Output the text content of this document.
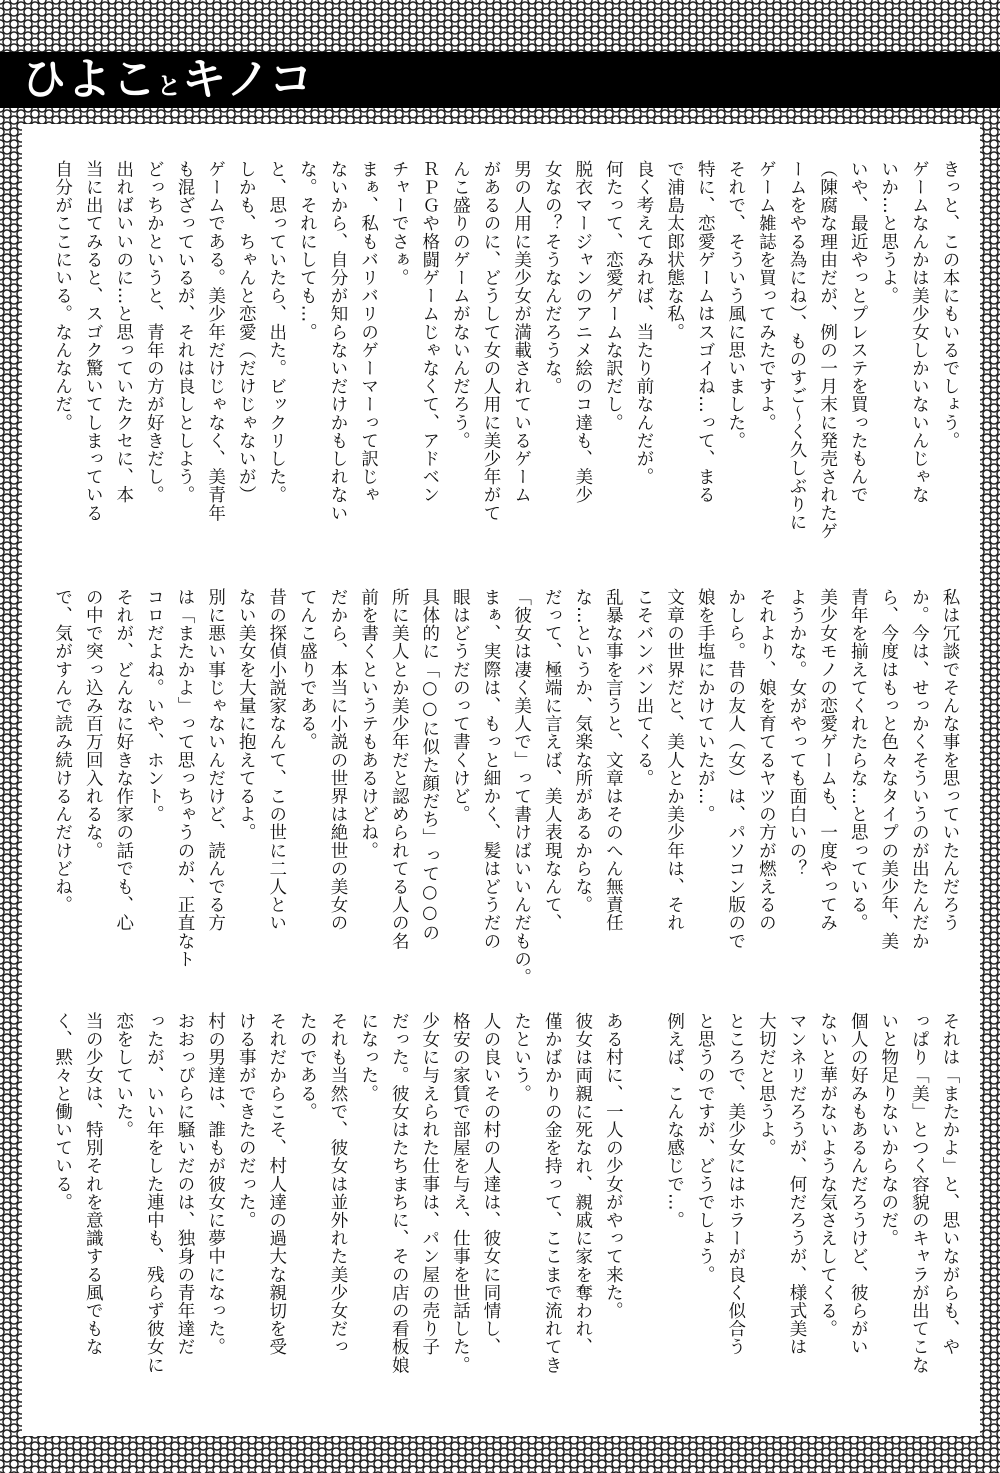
ひよことキノコ
きっと、この本にもいるでしょう。
ゲームなんかは美少女しかいないんじゃな
いか…と思うよ。
いや、最近やっとプレステを買ったもんで
（陳腐な理由だが、例の一月末に発売されたゲ
ームをやる為にね）、ものすご〜く久しぶりに
ゲーム雑誌を買ってみたですよ。
それで、そういう風に思いました。
特に、恋愛ゲームはスゴイね…って、まる
で浦島太郎状態な私。
良く考えてみれば、当たり前なんだが。
何たって、恋愛ゲームな訳だし。
脱衣マージャンのアニメ絵のコ達も、美少
女なの？そうなんだろうな。
男の人用に美少女が満載されているゲーム
があるのに、どうして女の人用に美少年がて
んこ盛りのゲームがないんだろう。
ＲＰＧや格闘ゲームじゃなくて、アドベン
チャーでさぁ。
まぁ、私もバリバリのゲーマーって訳じゃ
ないから、自分が知らないだけかもしれない
な。それにしても…。
と、思っていたら、出た。ビックリした。
しかも、ちゃんと恋愛（だけじゃないが）
ゲームである。美少年だけじゃなく、美青年
も混ざっているが、それは良しとしよう。
どっちかというと、青年の方が好きだし。
出ればいいのに…と思っていたクセに、本
当に出てみると、スゴク驚いてしまっている
自分がここにいる。なんなんだ。
私は冗談でそんな事を思っていたんだろう
か。今は、せっかくそういうのが出たんだか
ら、今度はもっと色々なタイプの美少年、美
青年を揃えてくれたらな…と思っている。
美少女モノの恋愛ゲームも、一度やってみ
ようかな。女がやっても面白いの？
それより、娘を育てるヤツの方が燃えるの
かしら。昔の友人（女）は、パソコン版ので
娘を手塩にかけていたが…。
文章の世界だと、美人とか美少年は、それ
こそバンバン出てくる。
乱暴な事を言うと、文章はそのへん無責任
な…というか、気楽な所があるからな。
だって、極端に言えば、美人表現なんて、
「彼女は凄く美人で」って書けばいいんだもの。
まぁ、実際は、もっと細かく、髪はどうだの
眼はどうだのって書くけど。
具体的に「○○に似た顔だち」って○○の
所に美人とか美少年だと認められてる人の名
前を書くというテもあるけどね。
だから、本当に小説の世界は絶世の美女の
てんこ盛りである。
昔の探偵小説家なんて、この世に二人とい
ない美女を大量に抱えてるよ。
別に悪い事じゃないんだけど、読んでる方
は「またかよ」って思っちゃうのが、正直なト
コロだよね。いや、ホント。
それが、どんなに好きな作家の話でも、心
の中で突っ込み百万回入れるな。
で、気がすんで読み続けるんだけどね。
それは「またかよ」と、思いながらも、や
っぱり「美」とつく容貌のキャラが出てこな
いと物足りないからなのだ。
個人の好みもあるんだろうけど、彼らがい
ないと華がないような気さえしてくる。
マンネリだろうが、何だろうが、様式美は
大切だと思うよ。
ところで、美少女にはホラーが良く似合う
と思うのですが、どうでしょう。
例えば、こんな感じで…。
ある村に、一人の少女がやって来た。
彼女は両親に死なれ、親戚に家を奪われ、
僅かばかりの金を持って、ここまで流れてき
たという。
人の良いその村の人達は、彼女に同情し、
格安の家賃で部屋を与え、仕事を世話した。
少女に与えられた仕事は、パン屋の売り子
だった。彼女はたちまちに、その店の看板娘
になった。
それも当然で、彼女は並外れた美少女だっ
たのである。
それだからこそ、村人達の過大な親切を受
ける事ができたのだった。
村の男達は、誰もが彼女に夢中になった。
おおっぴらに騒いだのは、独身の青年達だ
ったが、いい年をした連中も、残らず彼女に
恋をしていた。
当の少女は、特別それを意識する風でもな
く、黙々と働いている。
